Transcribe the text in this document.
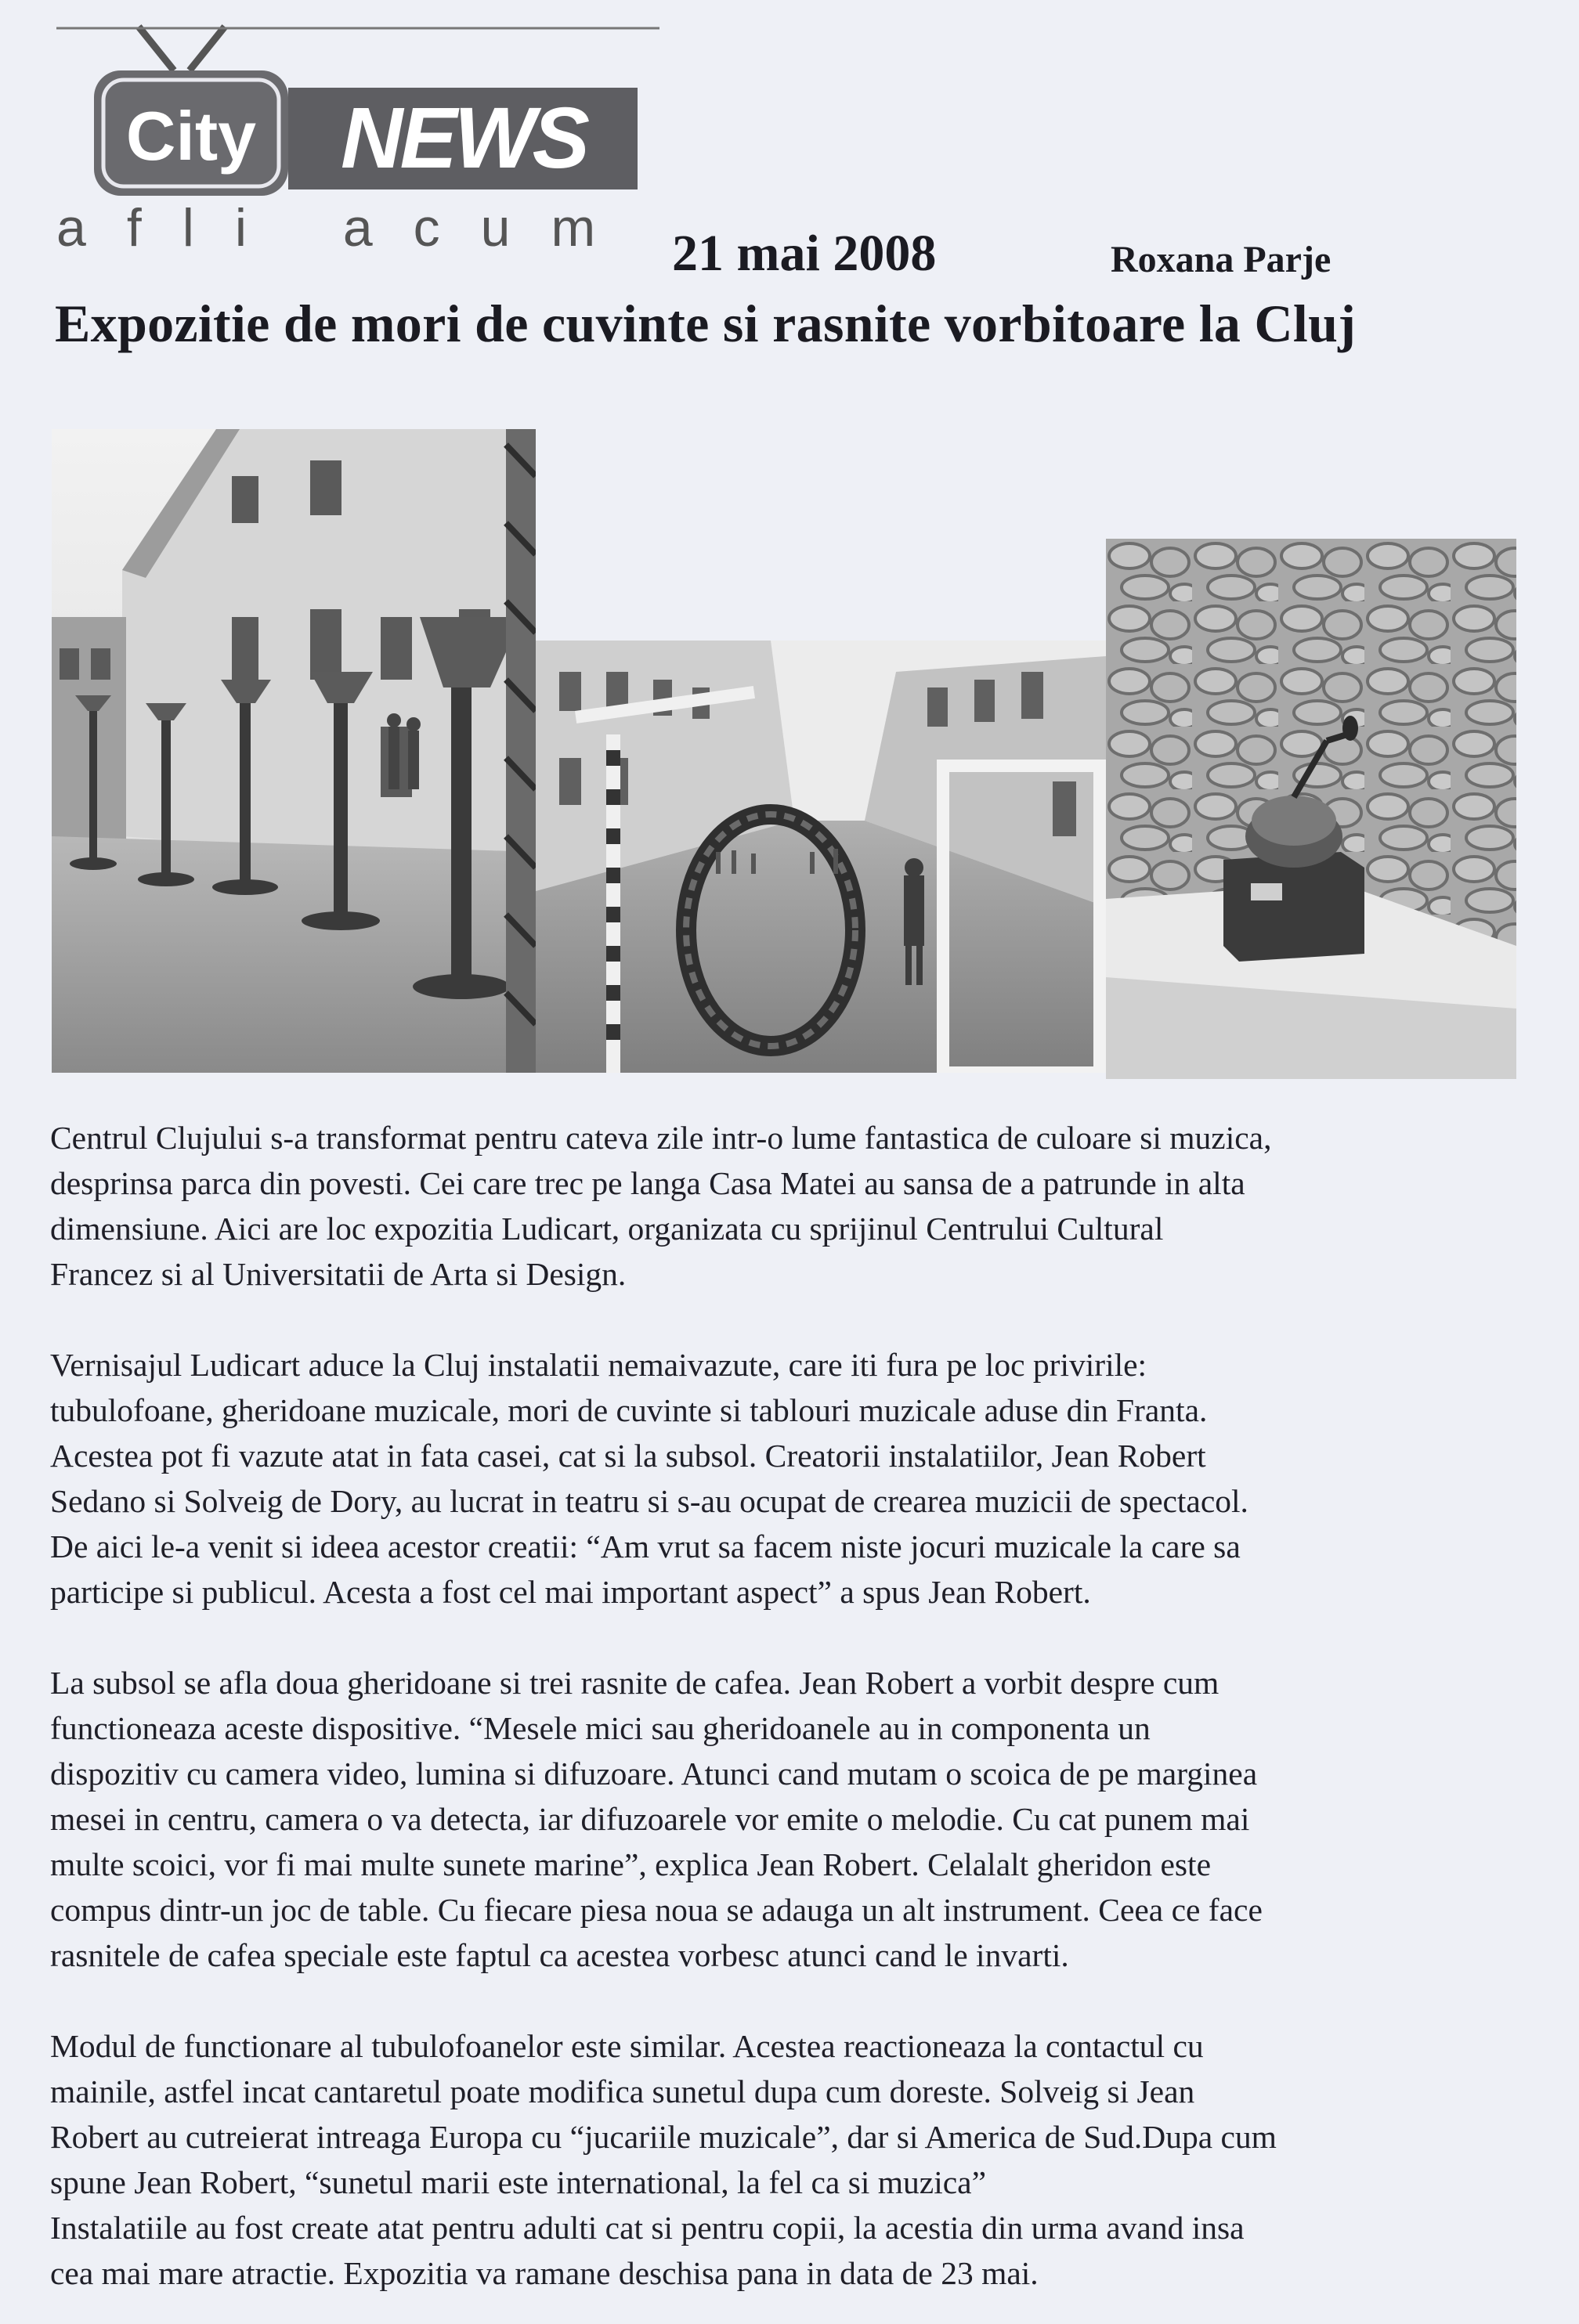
City NEWS
afli acum 21 mai 2008	Roxana Parje
Expozitie de mori de cuvinte si rasnite vorbitoare la Cluj

Centrul Clujului s-a transformat pentru cateva zile intr-o lume fantastica de culoare si muzica,
desprinsa parca din povesti. Cei care trec pe langa Casa Matei au sansa de a patrunde in alta
dimensiune. Aici are loc expozitia Ludicart, organizata cu sprijinul Centrului Cultural
Francez si al Universitatii de Arta si Design.

Vernisajul Ludicart aduce la Cluj instalatii nemaivazute, care iti fura pe loc privirile:
tubulofoane, gheridoane muzicale, mori de cuvinte si tablouri muzicale aduse din Franta.
Acestea pot fi vazute atat in fata casei, cat si la subsol. Creatorii instalatiilor, Jean Robert
Sedano si Solveig de Dory, au lucrat in teatru si s-au ocupat de crearea muzicii de spectacol.
De aici le-a venit si ideea acestor creatii: “Am vrut sa facem niste jocuri muzicale la care sa
participe si publicul. Acesta a fost cel mai important aspect” a spus Jean Robert.

La subsol se afla doua gheridoane si trei rasnite de cafea. Jean Robert a vorbit despre cum
functioneaza aceste dispositive. “Mesele mici sau gheridoanele au in componenta un
dispozitiv cu camera video, lumina si difuzoare. Atunci cand mutam o scoica de pe marginea
mesei in centru, camera o va detecta, iar difuzoarele vor emite o melodie. Cu cat punem mai
multe scoici, vor fi mai multe sunete marine”, explica Jean Robert. Celalalt gheridon este
compus dintr-un joc de table. Cu fiecare piesa noua se adauga un alt instrument. Ceea ce face
rasnitele de cafea speciale este faptul ca acestea vorbesc atunci cand le invarti.

Modul de functionare al tubulofoanelor este similar. Acestea reactioneaza la contactul cu
mainile, astfel incat cantaretul poate modifica sunetul dupa cum doreste. Solveig si Jean
Robert au cutreierat intreaga Europa cu “jucariile muzicale”, dar si America de Sud.Dupa cum
spune Jean Robert, “sunetul marii este international, la fel ca si muzica”
Instalatiile au fost create atat pentru adulti cat si pentru copii, la acestia din urma avand insa
cea mai mare atractie. Expozitia va ramane deschisa pana in data de 23 mai.
